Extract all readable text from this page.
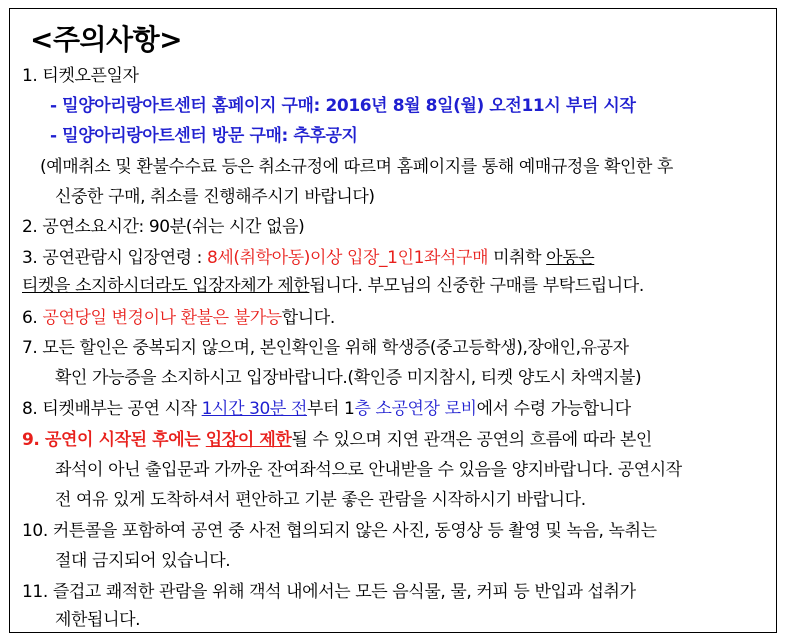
<주의사항>
1. 티켓오픈일자
- 밀양아리랑아트센터 홈페이지 구매: 2016년 8월 8일(월) 오전11시 부터 시작
- 밀양아리랑아트센터 방문 구매: 추후공지
(예매취소 및 환불수수료 등은 취소규정에 따르며 홈페이지를 통해 예매규정을 확인한 후
신중한 구매, 취소를 진행해주시기 바랍니다)
2. 공연소요시간: 90분(쉬는 시간 없음)
3. 공연관람시 입장연령 : 8세(취학아동)이상 입장_1인1좌석구매 미취학 아동은
티켓을 소지하시더라도 입장자체가 제한됩니다. 부모님의 신중한 구매를 부탁드립니다.
6. 공연당일 변경이나 환불은 불가능합니다.
7. 모든 할인은 중복되지 않으며, 본인확인을 위해 학생증(중고등학생),장애인,유공자
확인 가능증을 소지하시고 입장바랍니다.(확인증 미지참시, 티켓 양도시 차액지불)
8. 티켓배부는 공연 시작 1시간 30분 전부터 1층 소공연장 로비에서 수령 가능합니다
9. 공연이 시작된 후에는 입장이 제한될 수 있으며 지연 관객은 공연의 흐름에 따라 본인
좌석이 아닌 출입문과 가까운 잔여좌석으로 안내받을 수 있음을 양지바랍니다. 공연시작
전 여유 있게 도착하셔서 편안하고 기분 좋은 관람을 시작하시기 바랍니다.
10. 커튼콜을 포함하여 공연 중 사전 협의되지 않은 사진, 동영상 등 촬영 및 녹음, 녹취는
절대 금지되어 있습니다.
11. 즐겁고 쾌적한 관람을 위해 객석 내에서는 모든 음식물, 물, 커피 등 반입과 섭취가
제한됩니다.
